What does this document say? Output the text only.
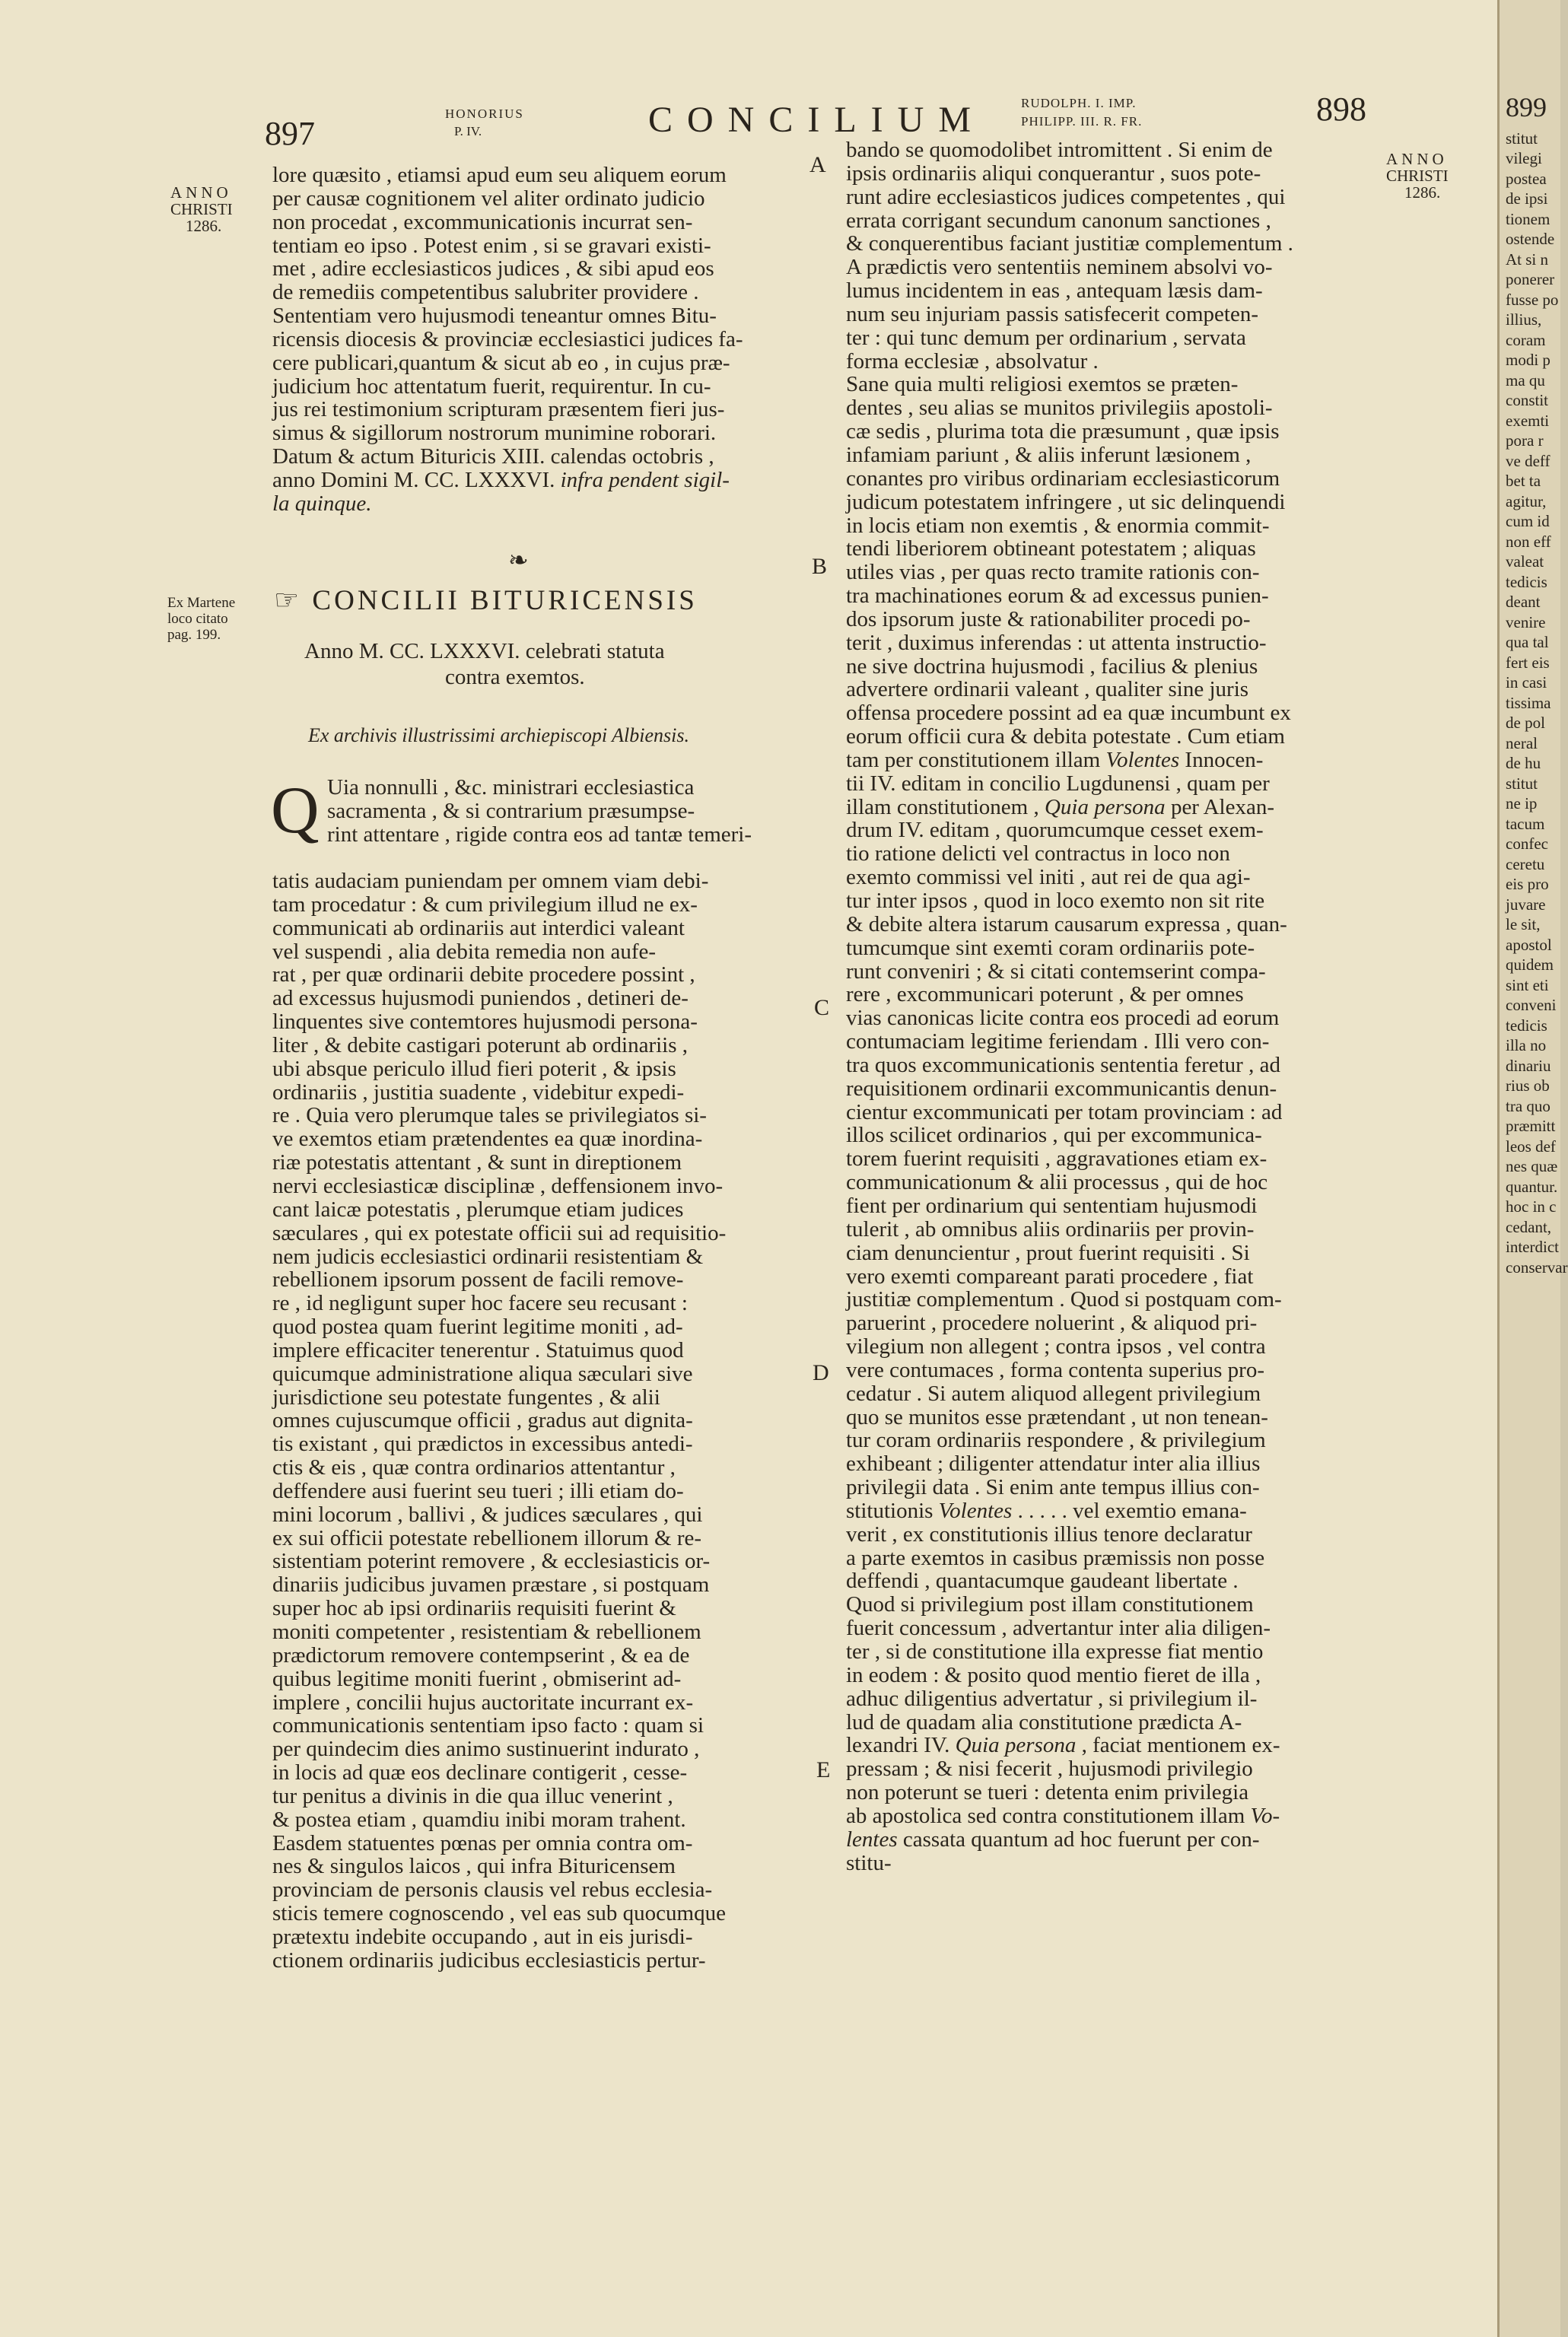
897
HONORIUS
P. IV.	CONCILIUM	RUDOLPH. I. IMP.
PHILIPP. III. R. FR.	898
ANNO
CHRISTI
1286.
Ex Martene
loco citato
pag. 199.
ANNO
CHRISTI
1286.
A
B
C
D
E

lore quæsito , etiamsi apud eum seu aliquem eorum

per causæ cognitionem vel aliter ordinato judicio

non procedat , excommunicationis incurrat sen-

tentiam eo ipso . Potest enim , si se gravari existi-

met , adire ecclesiasticos judices , & sibi apud eos

de remediis competentibus salubriter providere .

Sententiam vero hujusmodi teneantur omnes Bitu-

ricensis diocesis & provinciæ ecclesiastici judices fa-

cere publicari,quantum & sicut ab eo , in cujus præ-

judicium hoc attentatum fuerit, requirentur. In cu-

jus rei testimonium scripturam præsentem fieri jus-

simus & sigillorum nostrorum munimine roborari.

Datum & actum Bituricis XIII. calendas octobris ,

anno Domini M. CC. LXXXVI. infra pendent sigil-

la quinque.

❧
☞ CONCILII BITURICENSIS
Anno M. CC. LXXXVI. celebrati statuta
contra exemtos.
Ex archivis illustrissimi archiepiscopi Albiensis.
Q Uia nonnulli , &c. ministrari ecclesiastica

sacramenta , & si contrarium præsumpse-

rint attentare , rigide contra eos ad tantæ temeri-

tatis audaciam puniendam per omnem viam debi-

tam procedatur : & cum privilegium illud ne ex-

communicati ab ordinariis aut interdici valeant

vel suspendi , alia debita remedia non aufe-

rat , per quæ ordinarii debite procedere possint ,

ad excessus hujusmodi puniendos , detineri de-

linquentes sive contemtores hujusmodi persona-

liter , & debite castigari poterunt ab ordinariis ,

ubi absque periculo illud fieri poterit , & ipsis

ordinariis , justitia suadente , videbitur expedi-

re . Quia vero plerumque tales se privilegiatos si-

ve exemtos etiam prætendentes ea quæ inordina-

riæ potestatis attentant , & sunt in direptionem

nervi ecclesiasticæ disciplinæ , deffensionem invo-

cant laicæ potestatis , plerumque etiam judices

sæculares , qui ex potestate officii sui ad requisitio-

nem judicis ecclesiastici ordinarii resistentiam &

rebellionem ipsorum possent de facili remove-

re , id negligunt super hoc facere seu recusant :

quod postea quam fuerint legitime moniti , ad-

implere efficaciter tenerentur . Statuimus quod

quicumque administratione aliqua sæculari sive

jurisdictione seu potestate fungentes , & alii

omnes cujuscumque officii , gradus aut dignita-

tis existant , qui prædictos in excessibus antedi-

ctis & eis , quæ contra ordinarios attentantur ,

deffendere ausi fuerint seu tueri ; illi etiam do-

mini locorum , ballivi , & judices sæculares , qui

ex sui officii potestate rebellionem illorum & re-

sistentiam poterint removere , & ecclesiasticis or-

dinariis judicibus juvamen præstare , si postquam

super hoc ab ipsi ordinariis requisiti fuerint &

moniti competenter , resistentiam & rebellionem

prædictorum removere contempserint , & ea de

quibus legitime moniti fuerint , obmiserint ad-

implere , concilii hujus auctoritate incurrant ex-

communicationis sententiam ipso facto : quam si

per quindecim dies animo sustinuerint indurato ,

in locis ad quæ eos declinare contigerit , cesse-

tur penitus a divinis in die qua illuc venerint ,

& postea etiam , quamdiu inibi moram trahent.

Easdem statuentes pœnas per omnia contra om-

nes & singulos laicos , qui infra Bituricensem

provinciam de personis clausis vel rebus ecclesia-

sticis temere cognoscendo , vel eas sub quocumque

prætextu indebite occupando , aut in eis jurisdi-

ctionem ordinariis judicibus ecclesiasticis pertur-

bando se quomodolibet intromittent . Si enim de

ipsis ordinariis aliqui conquerantur , suos pote-

runt adire ecclesiasticos judices competentes , qui

errata corrigant secundum canonum sanctiones ,

& conquerentibus faciant justitiæ complementum .

A prædictis vero sententiis neminem absolvi vo-

lumus incidentem in eas , antequam læsis dam-

num seu injuriam passis satisfecerit competen-

ter : qui tunc demum per ordinarium , servata

forma ecclesiæ , absolvatur .

Sane quia multi religiosi exemtos se præten-

dentes , seu alias se munitos privilegiis apostoli-

cæ sedis , plurima tota die præsumunt , quæ ipsis

infamiam pariunt , & aliis inferunt læsionem ,

conantes pro viribus ordinariam ecclesiasticorum

judicum potestatem infringere , ut sic delinquendi

in locis etiam non exemtis , & enormia commit-

tendi liberiorem obtineant potestatem ; aliquas

utiles vias , per quas recto tramite rationis con-

tra machinationes eorum & ad excessus punien-

dos ipsorum juste & rationabiliter procedi po-

terit , duximus inferendas : ut attenta instructio-

ne sive doctrina hujusmodi , facilius & plenius

advertere ordinarii valeant , qualiter sine juris

offensa procedere possint ad ea quæ incumbunt ex

eorum officii cura & debita potestate . Cum etiam

tam per constitutionem illam Volentes Innocen-

tii IV. editam in concilio Lugdunensi , quam per

illam constitutionem , Quia persona per Alexan-

drum IV. editam , quorumcumque cesset exem-

tio ratione delicti vel contractus in loco non

exemto commissi vel initi , aut rei de qua agi-

tur inter ipsos , quod in loco exemto non sit rite

& debite altera istarum causarum expressa , quan-

tumcumque sint exemti coram ordinariis pote-

runt conveniri ; & si citati contemserint compa-

rere , excommunicari poterunt , & per omnes

vias canonicas licite contra eos procedi ad eorum

contumaciam legitime feriendam . Illi vero con-

tra quos excommunicationis sententia feretur , ad

requisitionem ordinarii excommunicantis denun-

cientur excommunicati per totam provinciam : ad

illos scilicet ordinarios , qui per excommunica-

torem fuerint requisiti , aggravationes etiam ex-

communicationum & alii processus , qui de hoc

fient per ordinarium qui sententiam hujusmodi

tulerit , ab omnibus aliis ordinariis per provin-

ciam denuncientur , prout fuerint requisiti . Si

vero exemti compareant parati procedere , fiat

justitiæ complementum . Quod si postquam com-

paruerint , procedere noluerint , & aliquod pri-

vilegium non allegent ; contra ipsos , vel contra

vere contumaces , forma contenta superius pro-

cedatur . Si autem aliquod allegent privilegium

quo se munitos esse prætendant , ut non tenean-

tur coram ordinariis respondere , & privilegium

exhibeant ; diligenter attendatur inter alia illius

privilegii data . Si enim ante tempus illius con-

stitutionis Volentes . . . . . vel exemtio emana-

verit , ex constitutionis illius tenore declaratur

a parte exemtos in casibus præmissis non posse

deffendi , quantacumque gaudeant libertate .

Quod si privilegium post illam constitutionem

fuerit concessum , advertantur inter alia diligen-

ter , si de constitutione illa expresse fiat mentio

in eodem : & posito quod mentio fieret de illa ,

adhuc diligentius advertatur , si privilegium il-

lud de quadam alia constitutione prædicta A-

lexandri IV. Quia persona , faciat mentionem ex-

pressam ; & nisi fecerit , hujusmodi privilegio

non poterunt se tueri : detenta enim privilegia

ab apostolica sed contra constitutionem illam Vo-

lentes cassata quantum ad hoc fuerunt per con-

stitu-

899

stitut

vilegi

postea

de ipsi

tionem

ostende

At si n

ponerer

fusse po

illius,

coram

modi p

ma qu

constit

exemti

pora r

ve deff

bet ta

agitur,

cum id

non eff

valeat

tedicis

deant

venire

qua tal

fert eis

in casi

tissima

de pol

neral

de hu

stitut

ne ip

tacum

confec

ceretu

eis pro

juvare

le sit,

apostol

quidem

sint eti

conveni

tedicis

illa no

dinariu

rius ob

tra quo

præmitt

leos def

nes quæ

quantur.

hoc in c

cedant,

interdict

conservar
